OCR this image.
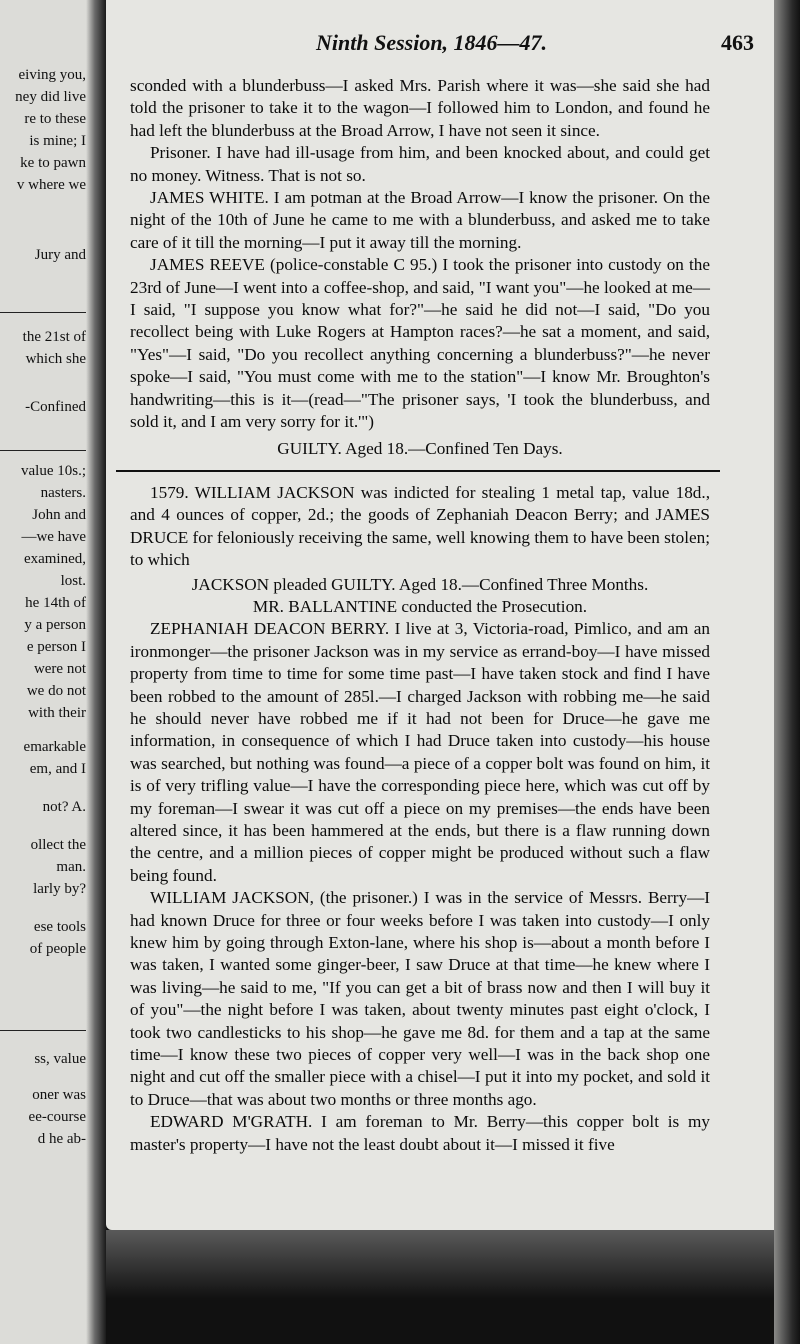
eiving you,
ney did live
re to these
is mine; I
ke to pawn
v where we
Jury and
the 21st of
which she
-Confined
value 10s.;
nasters.
John and
—we have
examined,
lost.
he 14th of
y a person
e person I
were not
we do not
with their
emarkable
em, and I
not? A.
ollect the
man.
larly by?
ese tools
of people
ss, value
oner was
ee-course
d he ab-
Ninth Session, 1846—47.	463

sconded with a blunderbuss—I asked Mrs. Parish where it was—she said she had told the prisoner to take it to the wagon—I followed him to London, and found he had left the blunderbuss at the Broad Arrow, I have not seen it since.

Prisoner. I have had ill-usage from him, and been knocked about, and could get no money. Witness. That is not so.

JAMES WHITE. I am potman at the Broad Arrow—I know the prisoner. On the night of the 10th of June he came to me with a blunderbuss, and asked me to take care of it till the morning—I put it away till the morning.

JAMES REEVE (police-constable C 95.) I took the prisoner into custody on the 23rd of June—I went into a coffee-shop, and said, "I want you"—he looked at me—I said, "I suppose you know what for?"—he said he did not—I said, "Do you recollect being with Luke Rogers at Hampton races?—he sat a moment, and said, "Yes"—I said, "Do you recollect anything concerning a blunderbuss?"—he never spoke—I said, "You must come with me to the station"—I know Mr. Broughton's handwriting—this is it—(read—"The prisoner says, 'I took the blunderbuss, and sold it, and I am very sorry for it.'")

GUILTY. Aged 18.—Confined Ten Days.

1579. WILLIAM JACKSON was indicted for stealing 1 metal tap, value 18d., and 4 ounces of copper, 2d.; the goods of Zephaniah Deacon Berry; and JAMES DRUCE for feloniously receiving the same, well knowing them to have been stolen; to which

JACKSON pleaded GUILTY. Aged 18.—Confined Three Months.

MR. BALLANTINE conducted the Prosecution.

ZEPHANIAH DEACON BERRY. I live at 3, Victoria-road, Pimlico, and am an ironmonger—the prisoner Jackson was in my service as errand-boy—I have missed property from time to time for some time past—I have taken stock and find I have been robbed to the amount of 285l.—I charged Jackson with robbing me—he said he should never have robbed me if it had not been for Druce—he gave me information, in consequence of which I had Druce taken into custody—his house was searched, but nothing was found—a piece of a copper bolt was found on him, it is of very trifling value—I have the corresponding piece here, which was cut off by my foreman—I swear it was cut off a piece on my premises—the ends have been altered since, it has been hammered at the ends, but there is a flaw running down the centre, and a million pieces of copper might be produced without such a flaw being found.

WILLIAM JACKSON, (the prisoner.) I was in the service of Messrs. Berry—I had known Druce for three or four weeks before I was taken into custody—I only knew him by going through Exton-lane, where his shop is—about a month before I was taken, I wanted some ginger-beer, I saw Druce at that time—he knew where I was living—he said to me, "If you can get a bit of brass now and then I will buy it of you"—the night before I was taken, about twenty minutes past eight o'clock, I took two candlesticks to his shop—he gave me 8d. for them and a tap at the same time—I know these two pieces of copper very well—I was in the back shop one night and cut off the smaller piece with a chisel—I put it into my pocket, and sold it to Druce—that was about two months or three months ago.

EDWARD M'GRATH. I am foreman to Mr. Berry—this copper bolt is my master's property—I have not the least doubt about it—I missed it five
